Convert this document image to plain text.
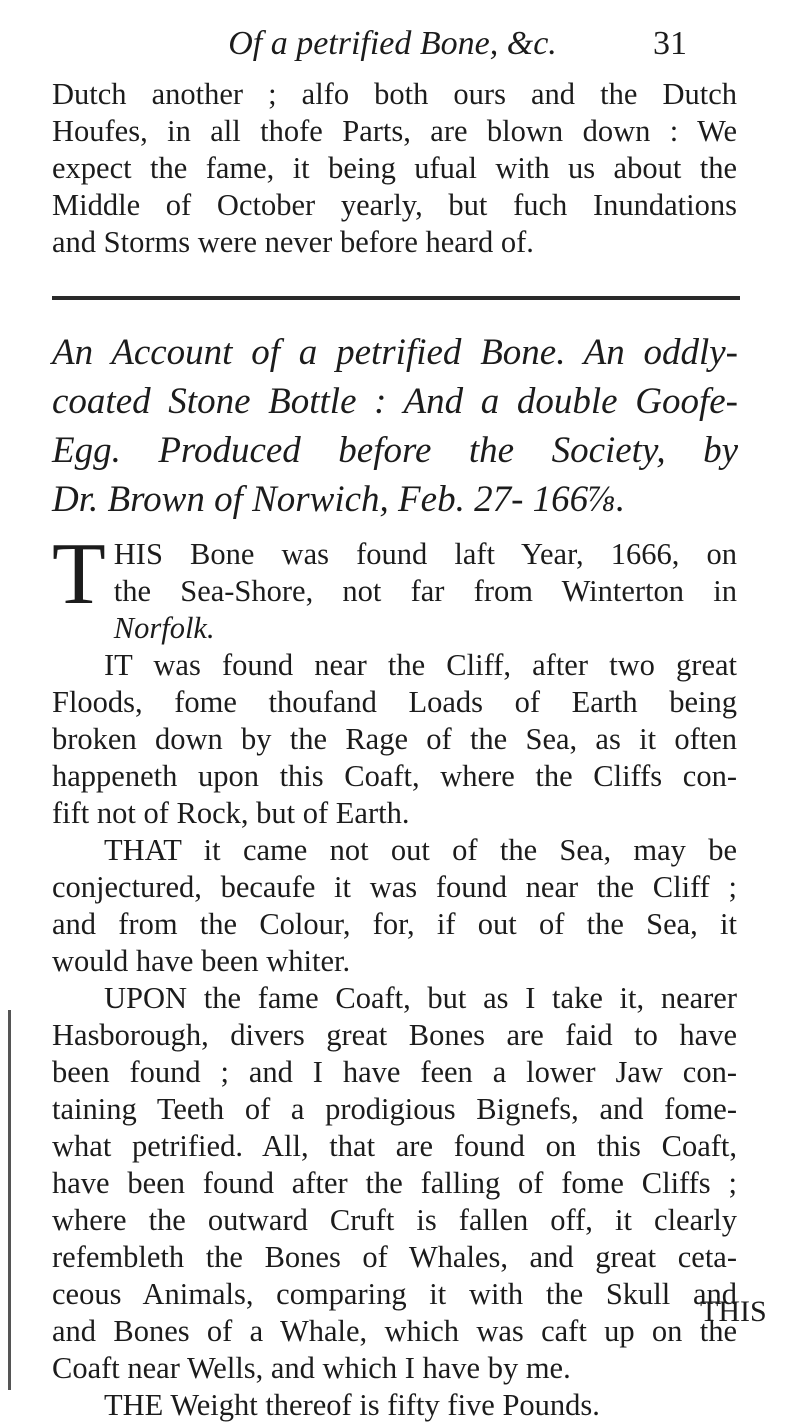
Of a petrified Bone, &c.	31
Dutch another ; alfo both ours and the Dutch
Houfes, in all thofe Parts, are blown down : We
expect the fame, it being ufual with us about the
Middle of October yearly, but fuch Inundations
and Storms were never before heard of.
An Account of a petrified Bone. An oddly-
coated Stone Bottle : And a double Goofe-
Egg. Produced before the Society, by
Dr. Brown of Norwich, Feb. 27- 166⅞.
T HIS Bone was found laft Year, 1666, on
the Sea-Shore, not far from Winterton in
Norfolk.
IT was found near the Cliff, after two great
Floods, fome thoufand Loads of Earth being
broken down by the Rage of the Sea, as it often
happeneth upon this Coaft, where the Cliffs con-
fift not of Rock, but of Earth.
THAT it came not out of the Sea, may be
conjectured, becaufe it was found near the Cliff ;
and from the Colour, for, if out of the Sea, it
would have been whiter.
UPON the fame Coaft, but as I take it, nearer
Hasborough, divers great Bones are faid to have
been found ; and I have feen a lower Jaw con-
taining Teeth of a prodigious Bignefs, and fome-
what petrified. All, that are found on this Coaft,
have been found after the falling of fome Cliffs ;
where the outward Cruft is fallen off, it clearly
refembleth the Bones of Whales, and great ceta-
ceous Animals, comparing it with the Skull and
and Bones of a Whale, which was caft up on the
Coaft near Wells, and which I have by me.
THE Weight thereof is fifty five Pounds.
THIS
